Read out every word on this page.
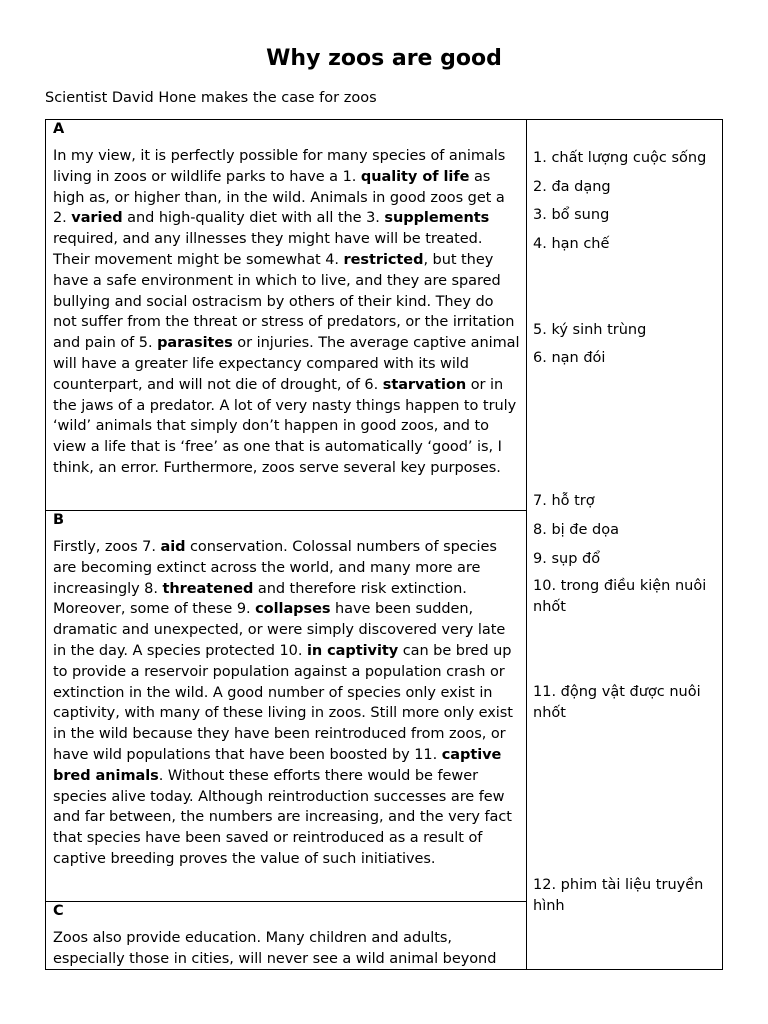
Why zoos are good

Scientist David Hone makes the case for zoos

A

In my view, it is perfectly possible for many species of animals living in zoos or wildlife parks to have a 1. quality of life as high as, or higher than, in the wild. Animals in good zoos get a 2. varied and high-quality diet with all the 3. supplements required, and any illnesses they might have will be treated. Their movement might be somewhat 4. restricted, but they have a safe environment in which to live, and they are spared bullying and social ostracism by others of their kind. They do not suffer from the threat or stress of predators, or the irritation and pain of 5. parasites or injuries. The average captive animal will have a greater life expectancy compared with its wild counterpart, and will not die of drought, of 6. starvation or in the jaws of a predator. A lot of very nasty things happen to truly ‘wild’ animals that simply don’t happen in good zoos, and to view a life that is ‘free’ as one that is automatically ‘good’ is, I think, an error. Furthermore, zoos serve several key purposes.

B

Firstly, zoos 7. aid conservation. Colossal numbers of species are becoming extinct across the world, and many more are increasingly 8. threatened and therefore risk extinction. Moreover, some of these 9. collapses have been sudden, dramatic and unexpected, or were simply discovered very late in the day. A species protected 10. in captivity can be bred up to provide a reservoir population against a population crash or extinction in the wild. A good number of species only exist in captivity, with many of these living in zoos. Still more only exist in the wild because they have been reintroduced from zoos, or have wild populations that have been boosted by 11. captive bred animals. Without these efforts there would be fewer species alive today. Although reintroduction successes are few and far between, the numbers are increasing, and the very fact that species have been saved or reintroduced as a result of captive breeding proves the value of such initiatives.

C

Zoos also provide education. Many children and adults, especially those in cities, will never see a wild animal beyond

1. chất lượng cuộc sống

2. đa dạng

3. bổ sung

4. hạn chế

5. ký sinh trùng

6. nạn đói

7. hỗ trợ

8. bị đe dọa

9. sụp đổ

10. trong điều kiện nuôi nhốt

11. động vật được nuôi nhốt

12. phim tài liệu truyền hình
